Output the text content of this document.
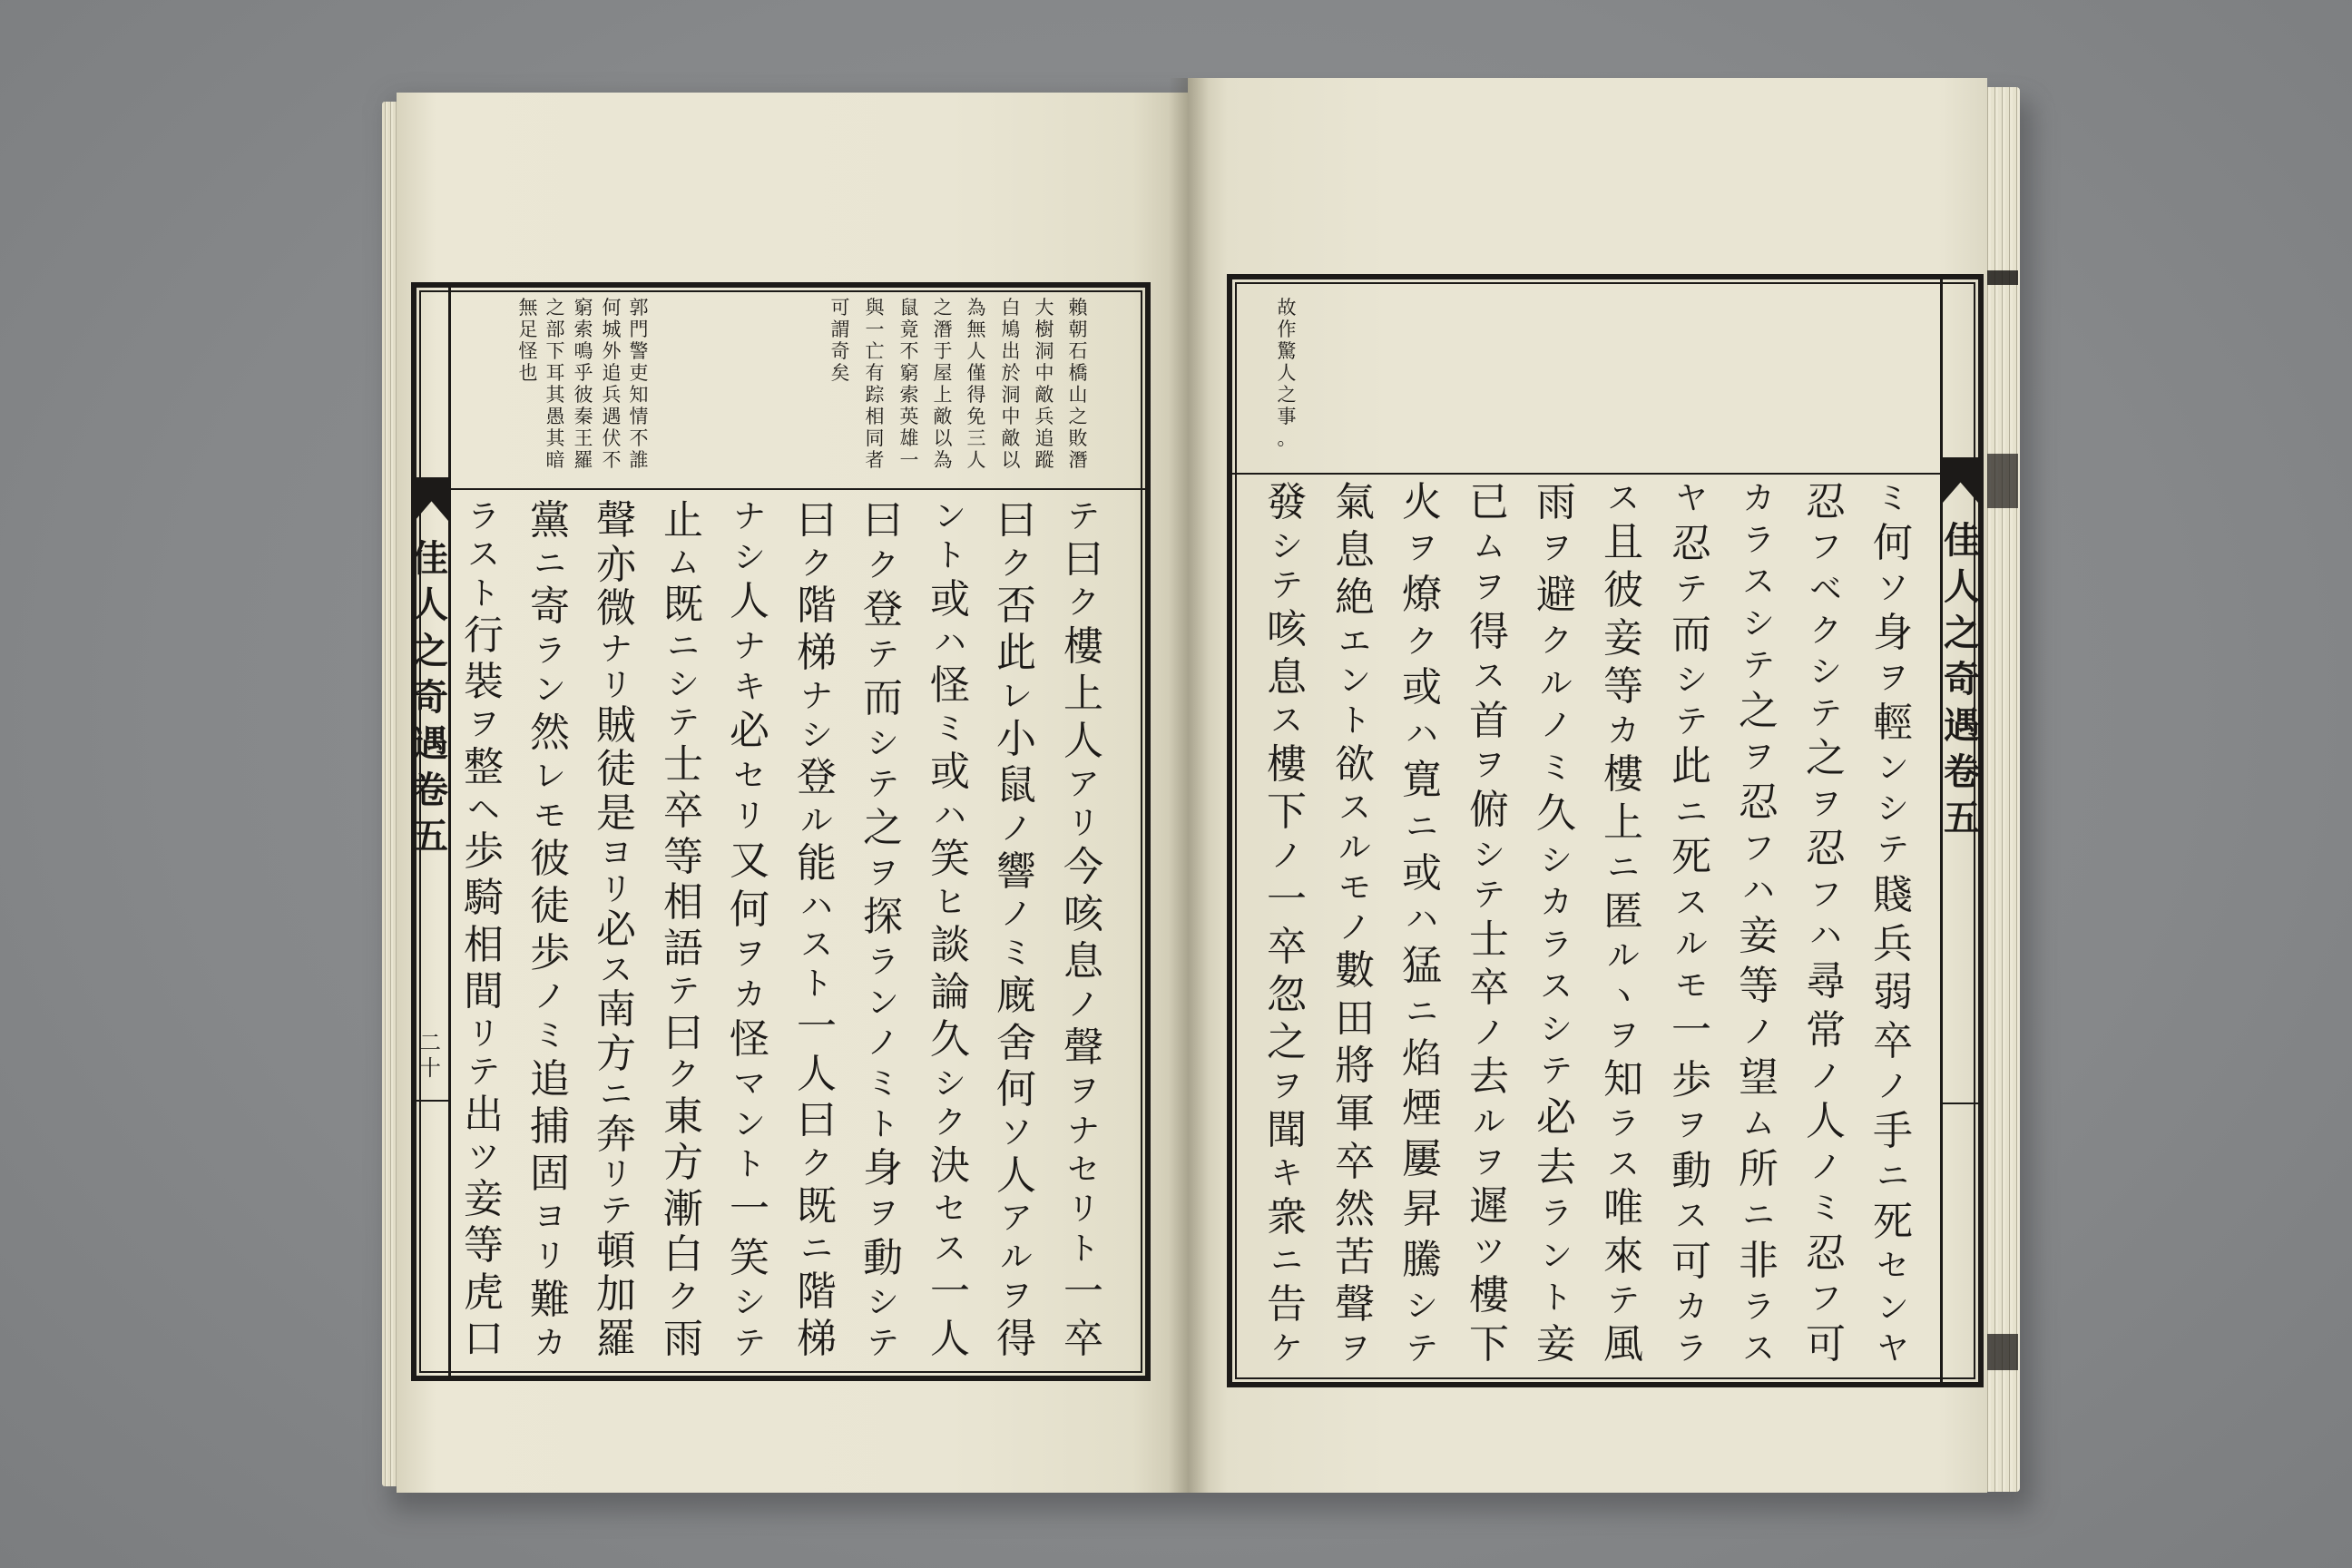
佳
人
之
奇
遇
卷
五
二
十
賴
朝
石
橋
山
之
敗
潛
大
樹
洞
中
敵
兵
追
蹤
白
鳩
出
於
洞
中
敵
以
為
無
人
僅
得
免
三
人
之
潛
于
屋
上
敵
以
為
鼠
竟
不
窮
索
英
雄
一
與
一
亡
有
踪
相
同
者
可
謂
奇
矣
郭
門
警
吏
知
情
不
誰
何
城
外
追
兵
遇
伏
不
窮
索
鳴
乎
彼
秦
王
羅
之
部
下
耳
其
愚
其
暗
無
足
怪
也
テ
曰
ク
樓
上
人
ア
リ
今
咳
息
ノ
聲
ヲ
ナ
セ
リ
ト
一
卒
曰
ク
否
此
レ
小
鼠
ノ
響
ノ
ミ
廐
舍
何
ソ
人
ア
ル
ヲ
得
ン
ト
或
ハ
怪
ミ
或
ハ
笑
ヒ
談
論
久
シ
ク
決
セ
ス
一
人
曰
ク
登
テ
而
シ
テ
之
ヲ
探
ラ
ン
ノ
ミ
ト
身
ヲ
動
シ
テ
曰
ク
階
梯
ナ
シ
登
ル
能
ハ
ス
ト
一
人
曰
ク
既
ニ
階
梯
ナ
シ
人
ナ
キ
必
セ
リ
又
何
ヲ
カ
怪
マ
ン
ト
一
笑
シ
テ
止
ム
既
ニ
シ
テ
士
卒
等
相
語
テ
曰
ク
東
方
漸
白
ク
雨
聲
亦
微
ナ
リ
賊
徒
是
ヨ
リ
必
ス
南
方
ニ
奔
リ
テ
頓
加
羅
黨
ニ
寄
ラ
ン
然
レ
モ
彼
徒
歩
ノ
ミ
追
捕
固
ヨ
リ
難
カ
ラ
ス
ト
行
裝
ヲ
整
ヘ
歩
騎
相
間
リ
テ
出
ツ
妾
等
虎
口
佳
人
之
奇
遇
卷
五
故
作
驚
人
之
事
。
ミ
何
ソ
身
ヲ
輕
ン
シ
テ
賤
兵
弱
卒
ノ
手
ニ
死
セ
ン
ヤ
忍
フ
ベ
ク
シ
テ
之
ヲ
忍
フ
ハ
尋
常
ノ
人
ノ
ミ
忍
フ
可
カ
ラ
ス
シ
テ
之
ヲ
忍
フ
ハ
妾
等
ノ
望
ム
所
ニ
非
ラ
ス
ヤ
忍
テ
而
シ
テ
此
ニ
死
ス
ル
モ
一
歩
ヲ
動
ス
可
カ
ラ
ス
且
彼
妾
等
カ
樓
上
ニ
匿
ル
ヽ
ヲ
知
ラ
ス
唯
來
テ
風
雨
ヲ
避
ク
ル
ノ
ミ
久
シ
カ
ラ
ス
シ
テ
必
去
ラ
ン
ト
妾
已
ム
ヲ
得
ス
首
ヲ
俯
シ
テ
士
卒
ノ
去
ル
ヲ
遲
ツ
樓
下
火
ヲ
燎
ク
或
ハ
寛
ニ
或
ハ
猛
ニ
焰
煙
屢
昇
騰
シ
テ
氣
息
絶
エ
ン
ト
欲
ス
ル
モ
ノ
數
田
將
軍
卒
然
苦
聲
ヲ
發
シ
テ
咳
息
ス
樓
下
ノ
一
卒
忽
之
ヲ
聞
キ
衆
ニ
告
ケ
